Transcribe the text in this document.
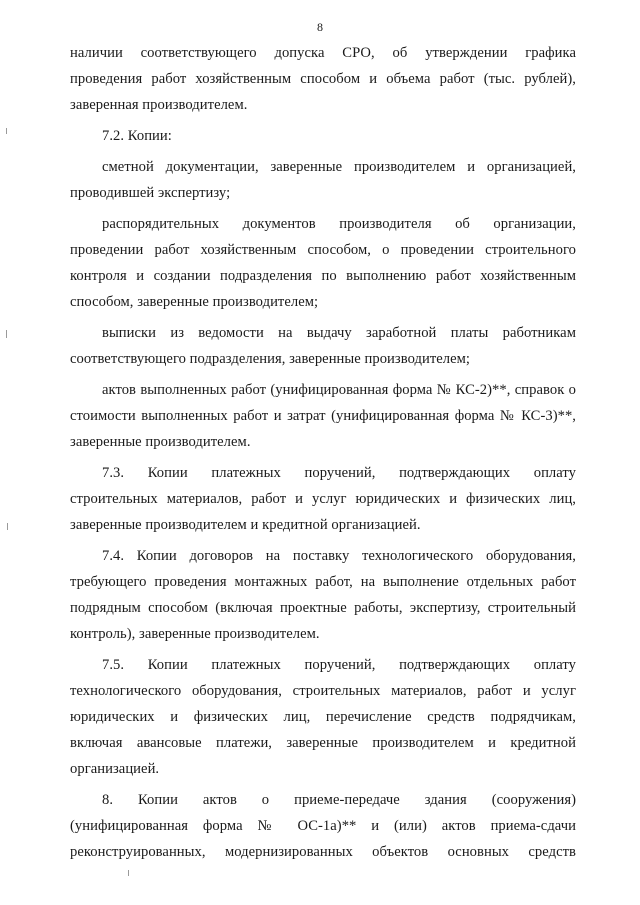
8
наличии соответствующего допуска СРО, об утверждении графика
проведения работ хозяйственным способом и объема работ (тыс. рублей),
заверенная производителем.
7.2. Копии:
сметной документации, заверенные производителем и организацией,
проводившей экспертизу;
распорядительных документов производителя об организации,
проведении работ хозяйственным способом, о проведении строительного
контроля и создании подразделения по выполнению работ хозяйственным
способом, заверенные производителем;
выписки из ведомости на выдачу заработной платы работникам
соответствующего подразделения, заверенные производителем;
актов выполненных работ (унифицированная форма № КС-2)**, справок о
стоимости выполненных работ и затрат (унифицированная форма № КС-3)**,
заверенные производителем.
7.3. Копии платежных поручений, подтверждающих оплату
строительных материалов, работ и услуг юридических и физических лиц,
заверенные производителем и кредитной организацией.
7.4. Копии договоров на поставку технологического оборудования,
требующего проведения монтажных работ, на выполнение отдельных работ
подрядным способом (включая проектные работы, экспертизу, строительный
контроль), заверенные производителем.
7.5. Копии платежных поручений, подтверждающих оплату
технологического оборудования, строительных материалов, работ и услуг
юридических и физических лиц, перечисление средств подрядчикам,
включая авансовые платежи, заверенные производителем и кредитной
организацией.
8. Копии актов о приеме-передаче здания (сооружения)
(унифицированная форма № ОС-1а)** и (или) актов приема-сдачи
реконструированных, модернизированных объектов основных средств
